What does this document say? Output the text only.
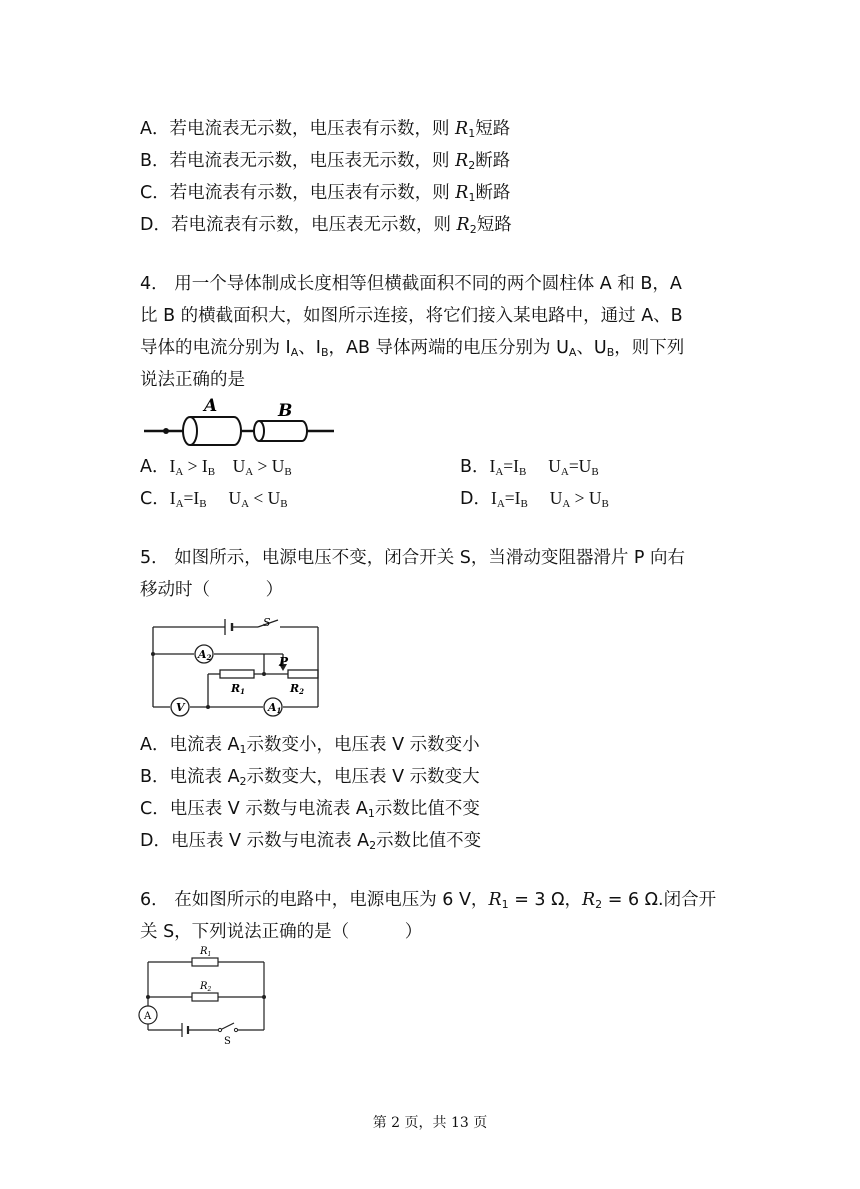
A．若电流表无示数，电压表有示数，则 $R_1$短路
B．若电流表无示数，电压表无示数，则 $R_2$断路
C．若电流表有示数，电压表有示数，则 $R_1$断路
D．若电流表有示数，电压表无示数，则 $R_2$短路
4． 用一个导体制成长度相等但横截面积不同的两个圆柱体 A 和 B，A
比 B 的横截面积大，如图所示连接，将它们接入某电路中，通过 A、B
导体的电流分别为 $I_A$、$I_B$，AB 导体两端的电压分别为 $U_A$、$U_B$，则下列
说法正确的是
A	B
A．$I_A > I_B$    $U_A > U_B$	B．$I_A=I_B$     $U_A=U_B$
C．$I_A=I_B$     $U_A < U_B$	D．$I_A=I_B$     $U_A > U_B$
5． 如图所示，电源电压不变，闭合开关 S，当滑动变阻器滑片 P 向右
移动时（          ）
S
A2	P
R1	R2
V	A1
A．电流表 $A_1$示数变小，电压表 V 示数变小
B．电流表 $A_2$示数变大，电压表 V 示数变大
C．电压表 V 示数与电流表 $A_1$示数比值不变
D．电压表 V 示数与电流表 $A_2$示数比值不变
6． 在如图所示的电路中，电源电压为 6 V，$R_1 = 3$ Ω，$R_2 = 6$ Ω.闭合开
关 S，下列说法正确的是（          ）
$R_1$
$R_2$
A
S
第 2 页，共 13 页
